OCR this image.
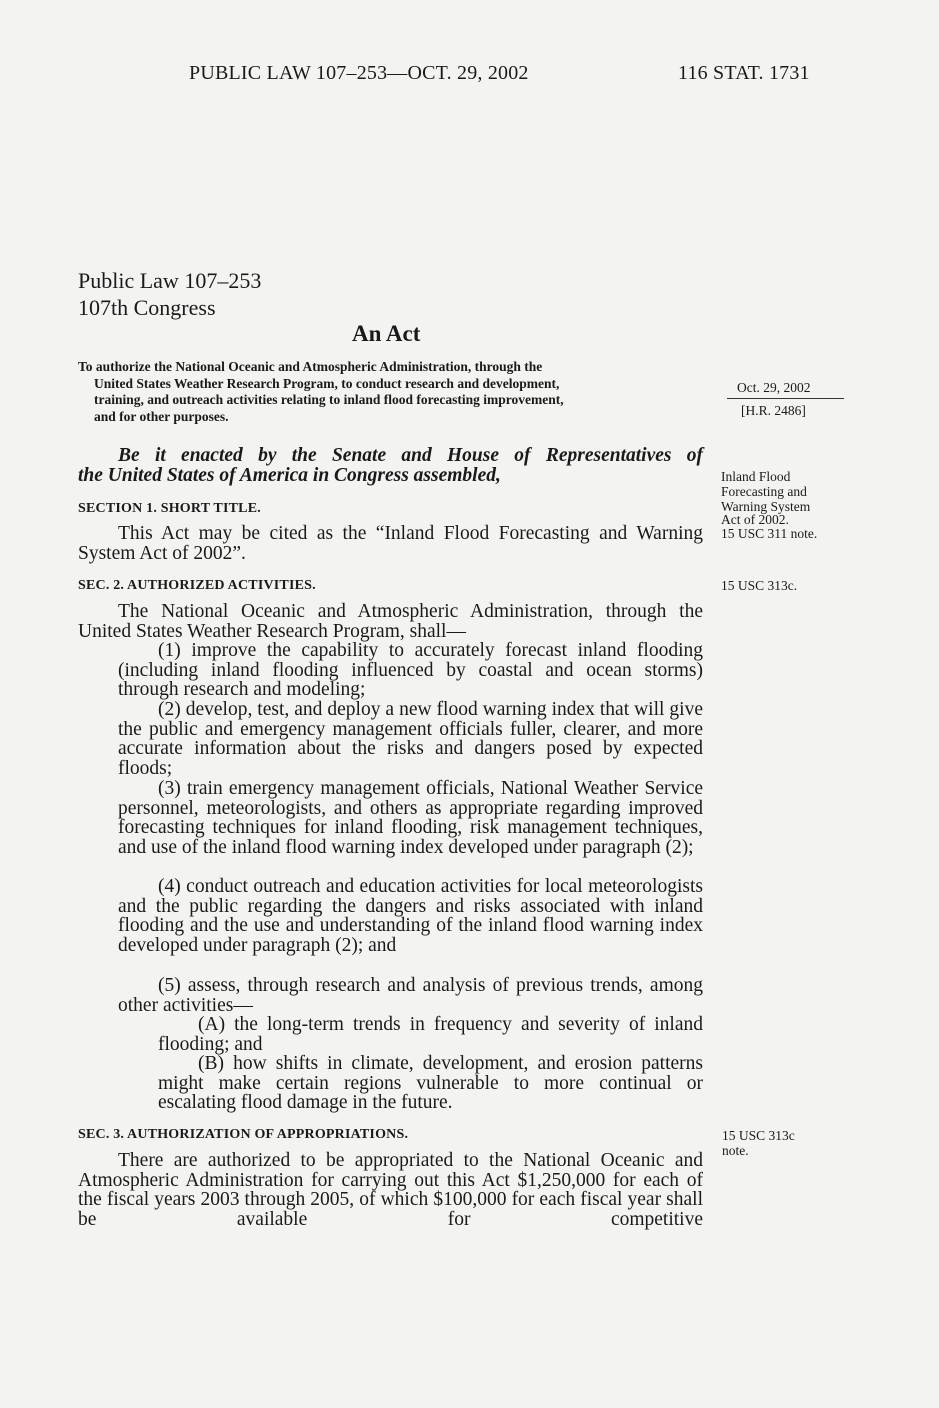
PUBLIC LAW 107–253—OCT. 29, 2002	116 STAT. 1731
Public Law 107–253
107th Congress
An Act
To authorize the National Oceanic and Atmospheric Administration, through the
United States Weather Research Program, to conduct research and development,
training, and outreach activities relating to inland flood forecasting improvement,
and for other purposes.
Oct. 29, 2002
[H.R. 2486]
Be it enacted by the Senate and House of Representatives of
the United States of America in Congress assembled,	Inland Flood
Forecasting and
Warning System
Act of 2002.
15 USC 311 note.
SECTION 1. SHORT TITLE.
This Act may be cited as the “Inland Flood Forecasting and Warning System Act of 2002”.
SEC. 2. AUTHORIZED ACTIVITIES.	15 USC 313c.
The National Oceanic and Atmospheric Administration, through the United States Weather Research Program, shall—
(1) improve the capability to accurately forecast inland flooding (including inland flooding influenced by coastal and ocean storms) through research and modeling;
(2) develop, test, and deploy a new flood warning index that will give the public and emergency management officials fuller, clearer, and more accurate information about the risks and dangers posed by expected floods;
(3) train emergency management officials, National Weather Service personnel, meteorologists, and others as appropriate regarding improved forecasting techniques for inland flooding, risk management techniques, and use of the inland flood warning index developed under paragraph (2);
(4) conduct outreach and education activities for local meteorologists and the public regarding the dangers and risks associated with inland flooding and the use and understanding of the inland flood warning index developed under paragraph (2); and
(5) assess, through research and analysis of previous trends, among other activities—
(A) the long-term trends in frequency and severity of inland flooding; and
(B) how shifts in climate, development, and erosion patterns might make certain regions vulnerable to more continual or escalating flood damage in the future.
SEC. 3. AUTHORIZATION OF APPROPRIATIONS.	15 USC 313c
note.
There are authorized to be appropriated to the National Oceanic and Atmospheric Administration for carrying out this Act $1,250,000 for each of the fiscal years 2003 through 2005, of which $100,000 for each fiscal year shall be available for competitive
